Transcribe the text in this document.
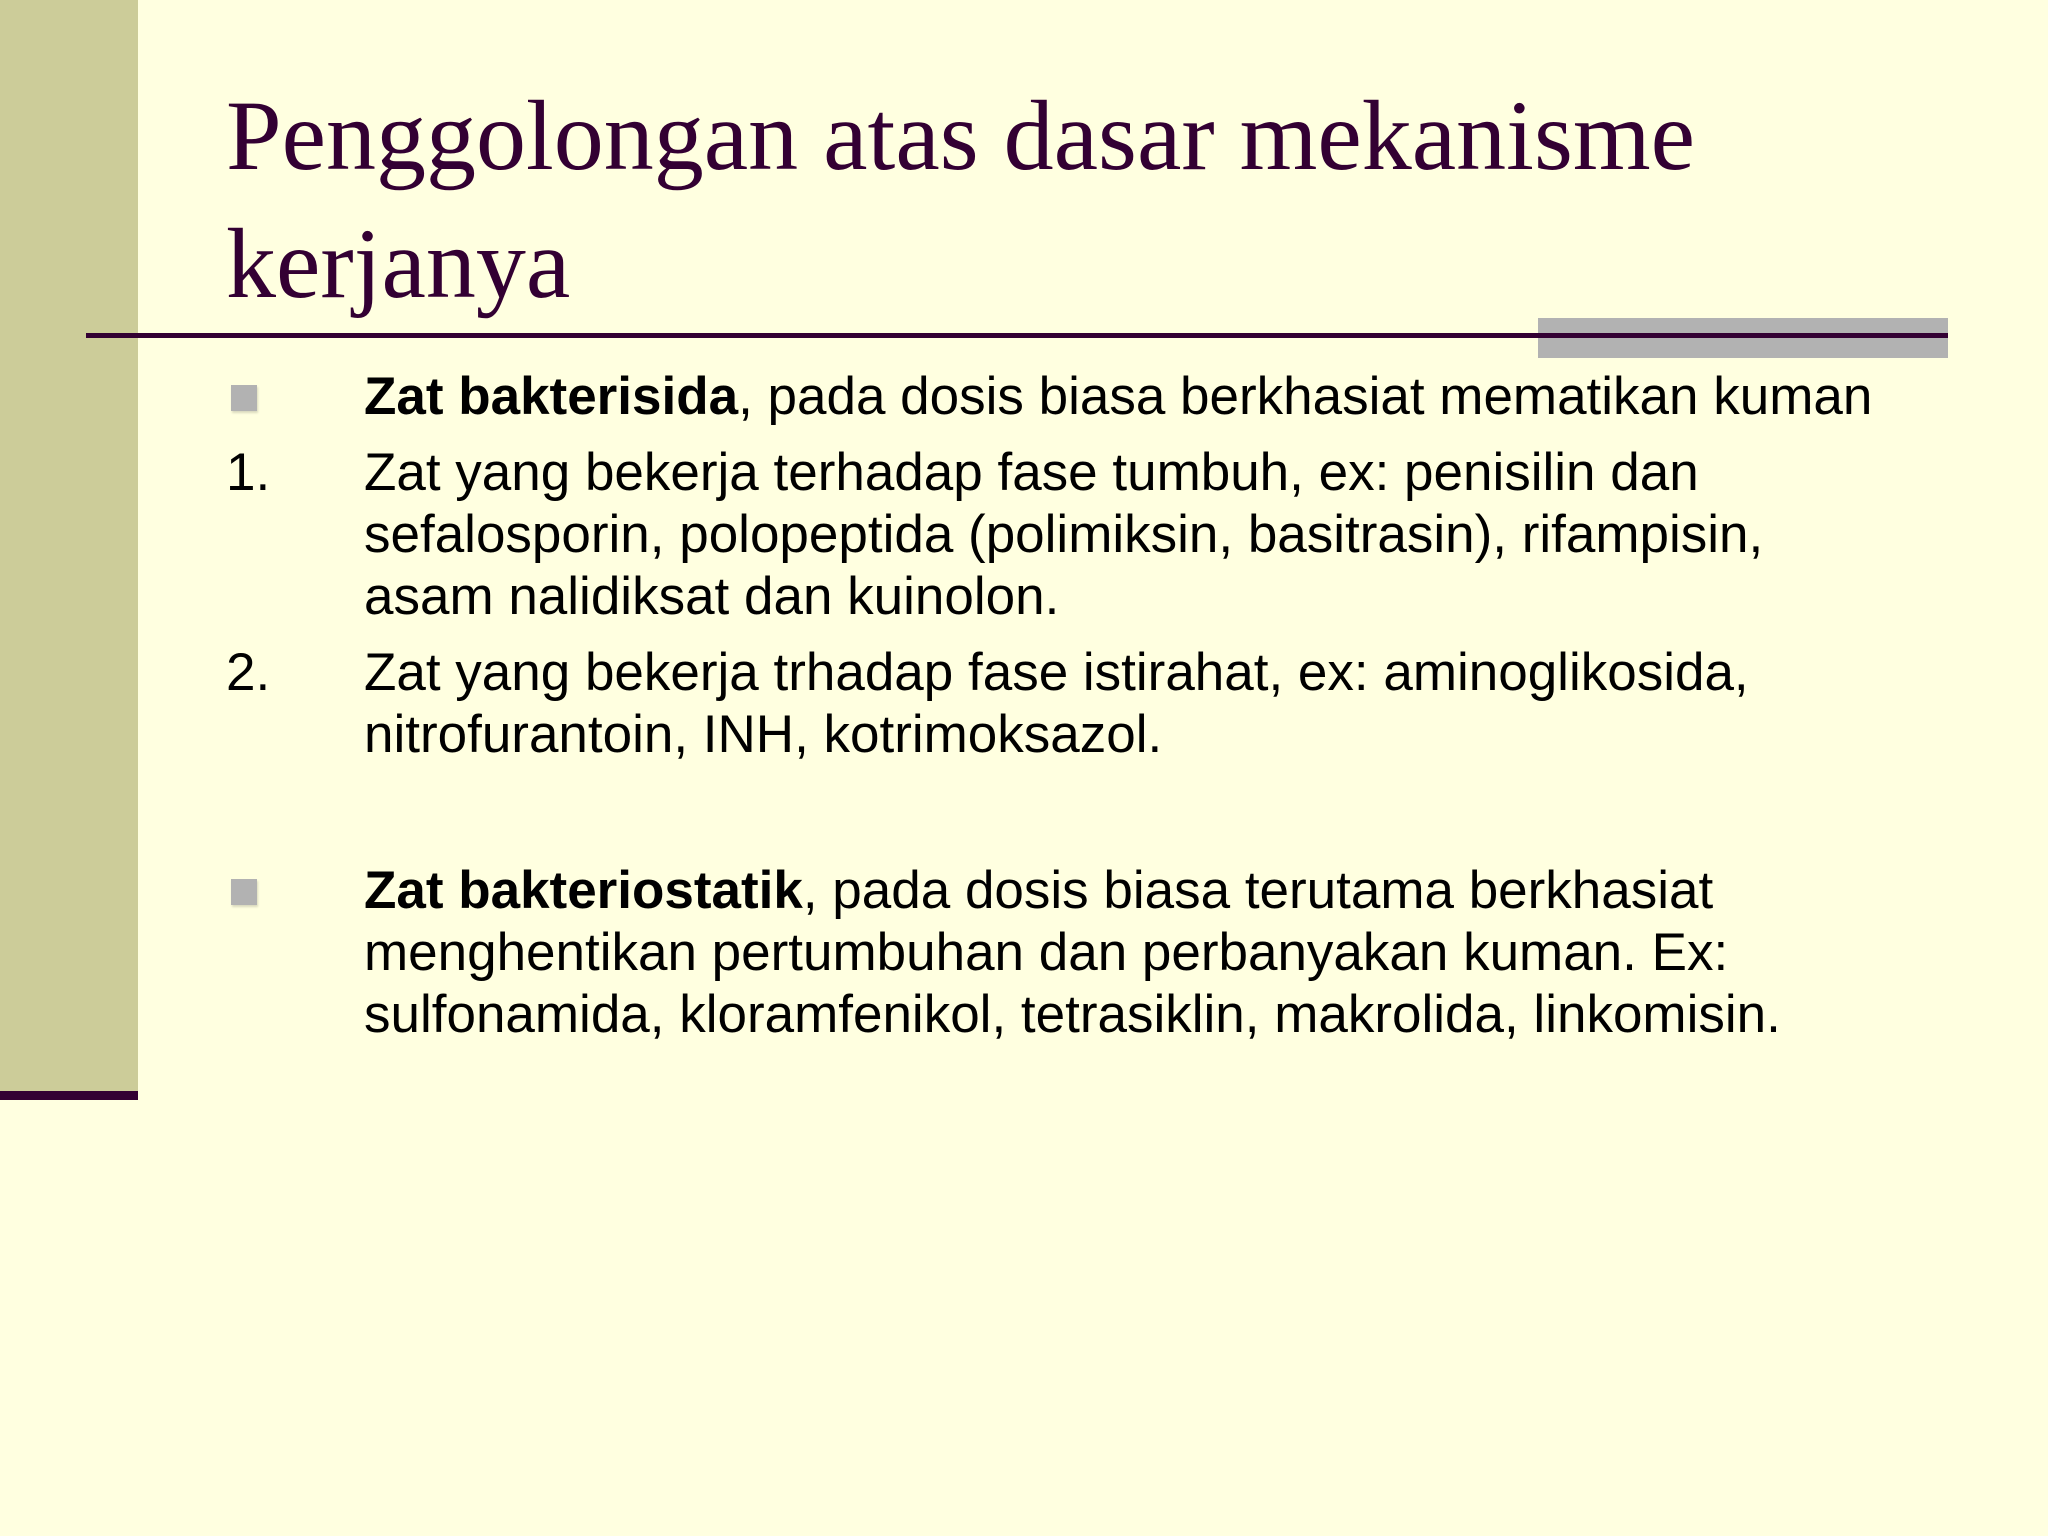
Penggolongan atas dasar mekanisme kerjanya
Zat bakterisida, pada dosis biasa berkhasiat mematikan kuman
1. Zat yang bekerja terhadap fase tumbuh, ex: penisilin dan sefalosporin, polopeptida (polimiksin, basitrasin), rifampisin, asam nalidiksat dan kuinolon.
2. Zat yang bekerja trhadap fase istirahat, ex: aminoglikosida, nitrofurantoin, INH, kotrimoksazol.
Zat bakteriostatik, pada dosis biasa terutama berkhasiat menghentikan pertumbuhan dan perbanyakan kuman. Ex: sulfonamida, kloramfenikol, tetrasiklin, makrolida, linkomisin.
